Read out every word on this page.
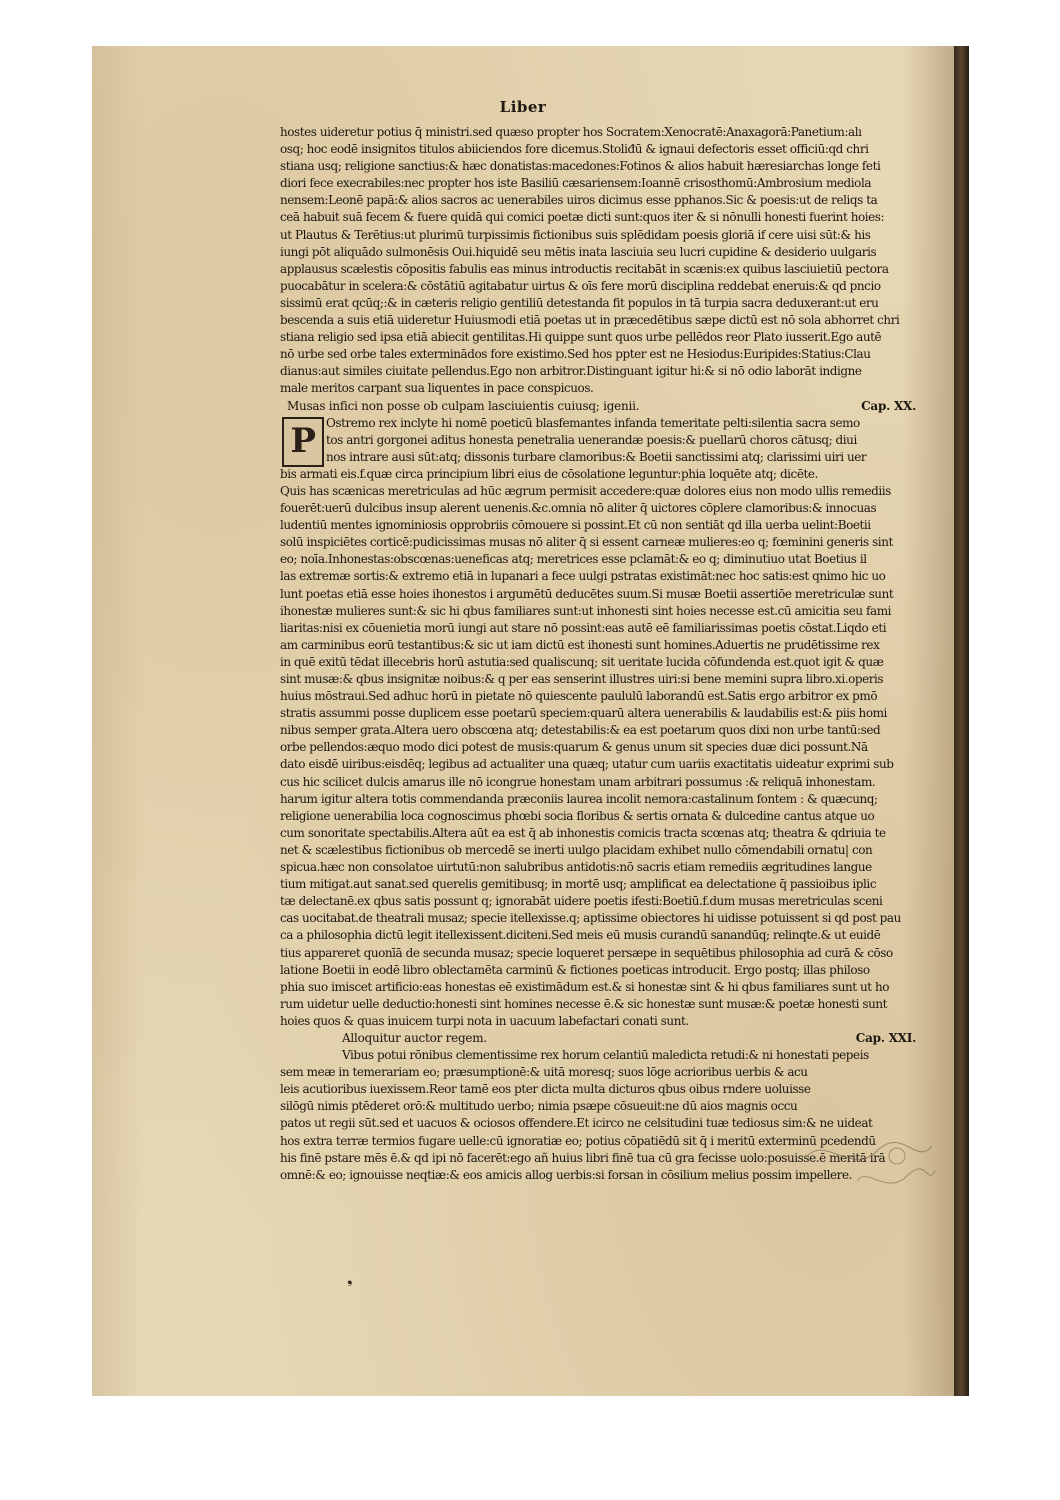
Liber
hostes uideretur potius q̄ ministri.sed quæso propter hos Socratem:Xenocratē:Anaxagorā:Panetium:alı
osq; hoc eodē insignitos titulos abiiciendos fore dicemus.Stoliđū & ignaui defectoris esset officiū:qd chri
stiana usq; religione sanctius:& hæc donatistas:macedones:Fotinos & alios habuit hæresiarchas longe feti
diori fece execrabiles:nec propter hos iste Basiliū cæsariensem:Ioannē crisosthomū:Ambrosium mediola
nensem:Leonē papā:& alios sacros ac uenerabiles uiros dicimus esse pphanos.Sic & poesis:ut de reliqs ta
ceā habuit suā fecem & fuere quidā qui comici poetæ dicti sunt:quos iter & si nōnulli honesti fuerint hoies:
ut Plautus & Terētius:ut plurimū turpissimis fictionibus suis splēdidam poesis gloriā if cere uisi sūt:& his
iungi pōt aliquādo sulmonēsis Oui.hiquidē seu mētis inata lasciuia seu lucri cupidine & desiderio uulgaris
applausus scælestis cōpositis fabulis eas minus introductis recitabāt in scænis:ex quibus lasciuietiū pectora
puocabātur in scelera:& cōstātiū agitabatur uirtus & oīs fere morū disciplina reddebat eneruis:& qd pncio
sissimū erat qcūq;:& in cæteris religio gentiliū detestanda fit populos in tā turpia sacra deduxerant:ut eru
bescenda a suis etiā uideretur Huiusmodi etiā poetas ut in præcedētibus sæpe dictū est nō sola abhorret chri
stiana religio sed ipsa etiā abiecit gentilitas.Hi quippe sunt quos urbe pellēdos reor Plato iusserit.Ego autē
nō urbe sed orbe tales exterminādos fore existimo.Sed hos ppter est ne Hesiodus:Euripides:Statius:Clau
dianus:aut similes ciuitate pellendus.Ego non arbitror.Distinguant igitur hi:& si nō odio laborāt indigne
male meritos carpant sua liquentes in pace conspicuos.
Musas infici non posse ob culpam lasciuientis cuiusq; igenii.	Cap. XX.
P Ostremo rex inclyte hi nomē poeticū blasfemantes infanda temeritate pelti:silentia sacra semo
tos antri gorgonei aditus honesta penetralia uenerandæ poesis:& puellarū choros cātusq; diui
nos intrare ausi sūt:atq; dissonis turbare clamoribus:& Boetii sanctissimi atq; clarissimi uiri uer
bis armati eis.f.quæ circa principium libri eius de cōsolatione leguntur:phia loquēte atq; dicēte.
Quis has scænicas meretriculas ad hūc ægrum permisit accedere:quæ dolores eius non modo ullis remediis
fouerēt:uerū dulcibus insup alerent uenenis.&c.omnia nō aliter q̄ uictores cōplere clamoribus:& innocuas
ludentiū mentes ignominiosis opprobriis cōmouere si possint.Et cū non sentiāt qd illa uerba uelint:Boetii
solū inspiciētes corticē:pudicissimas musas nō aliter q̄ si essent carneæ mulieres:eo q; fœminini generis sint
eo; noīa.Inhonestas:obscœnas:ueneficas atq; meretrices esse pclamāt:& eo q; diminutiuo utat Boetius il
las extremæ sortis:& extremo etiā in lupanari a fece uulgi pstratas existimāt:nec hoc satis:est qnimo hic uo
lunt poetas etiā esse hoies ihonestos i argumētū deducētes suum.Si musæ Boetii assertiōe meretriculæ sunt
ihonestæ mulieres sunt:& sic hi qbus familiares sunt:ut inhonesti sint hoies necesse est.cū amicitia seu fami
liaritas:nisi ex cōuenietia morū iungi aut stare nō possint:eas autē eē familiarissimas poetis cōstat.Liqdo eti
am carminibus eorū testantibus:& sic ut iam dictū est ihonesti sunt homines.Aduertis ne prudētissime rex
in quē exitū tēdat illecebris horū astutia:sed qualiscunq; sit ueritate lucida cōfundenda est.quot igit & quæ
sint musæ:& qbus insignitæ noibus:& q per eas senserint illustres uiri:si bene memini supra libro.xi.operis
huius mōstraui.Sed adhuc horū in pietate nō quiescente paululū laborandū est.Satis ergo arbitror ex pmō
stratis assummi posse duplicem esse poetarū speciem:quarū altera uenerabilis & laudabilis est:& piis homi
nibus semper grata.Altera uero obscœna atq; detestabilis:& ea est poetarum quos dixi non urbe tantū:sed
orbe pellendos:æquo modo dici potest de musis:quarum & genus unum sit species duæ dici possunt.Nā
dato eisdē uiribus:eisdēq; legibus ad actualiter una quæq; utatur cum uariis exactitatis uideatur exprimi sub
cus hic scilicet dulcis amarus ille nō icongrue honestam unam arbitrari possumus :& reliquā inhonestam.
harum igitur altera totis commendanda præconiis laurea incolit nemora:castalinum fontem : & quæcunq;
religione uenerabilia loca cognoscimus phœbi socia floribus & sertis ornata & dulcedine cantus atque uo
cum sonoritate spectabilis.Altera aūt ea est q̄ ab inhonestis comicis tracta scœnas atq; theatra & qdriuia te
net & scælestibus fictionibus ob mercedē se inerti uulgo placidam exhibet nullo cōmendabili ornatu| con
spicua.hæc non consolatoe uirtutū:non salubribus antidotis:nō sacris etiam remediis ægritudines langue
tium mitigat.aut sanat.sed querelis gemitibusq; in mortē usq; amplificat ea delectatione q̄ passioibus iplic
tæ delectanē.ex qbus satis possunt q; ignorabāt uidere poetis ifesti:Boetiū.f.dum musas meretriculas sceni
cas uocitabat.de theatrali musaz; specie itellexisse.q; aptissime obiectores hi uidisse potuissent si qd post pau
ca a philosophia dictū legit itellexissent.diciteni.Sed meis eū musis curandū sanandūq; relinqte.& ut euidē
tius appareret quonīā de secunda musaz; specie loqueret persæpe in sequētibus philosophia ad curā & cōso
latione Boetii in eodē libro oblectamēta carminū & fictiones poeticas introducit. Ergo postq; illas philoso
phia suo imiscet artificio:eas honestas eē existimādum est.& si honestæ sint & hi qbus familiares sunt ut ho
rum uidetur uelle deductio:honesti sint homines necesse ē.& sic honestæ sunt musæ:& poetæ honesti sunt
hoies quos & quas inuicem turpi nota in uacuum labefactari conati sunt.
Alloquitur auctor regem.	Cap. XXI.
Vibus potui rōnibus clementissime rex horum celantiū maledicta retudi:& ni honestati pepeis
sem meæ in temerariam eo; præsumptionē:& uitā moresq; suos lōge acrioribus uerbis & acu
leis acutioribus iuexissem.Reor tamē eos pter dicta multa dicturos qbus oibus rndere uoluisse
silōgū nimis ptēderet orō:& multitudo uerbo; nimia psæpe cōsueuit:ne dū aios magnis occu
patos ut regii sūt.sed et uacuos & ociosos offendere.Et icirco ne celsitudini tuæ tediosus sim:& ne uideat
hos extra terræ termios fugare uelle:cū ignoratiæ eo; potius cōpatiēdū sit q̄ i meritū exterminū pcedendū
his finē pstare mēs ē.& qd ipi nō facerēt:ego añ huius libri finē tua cū gra fecisse uolo:posuisse.ē meritā irā
omnē:& eo; ignouisse neqtiæ:& eos amicis allog uerbis:si forsan in cōsilium melius possim impellere.
❟
